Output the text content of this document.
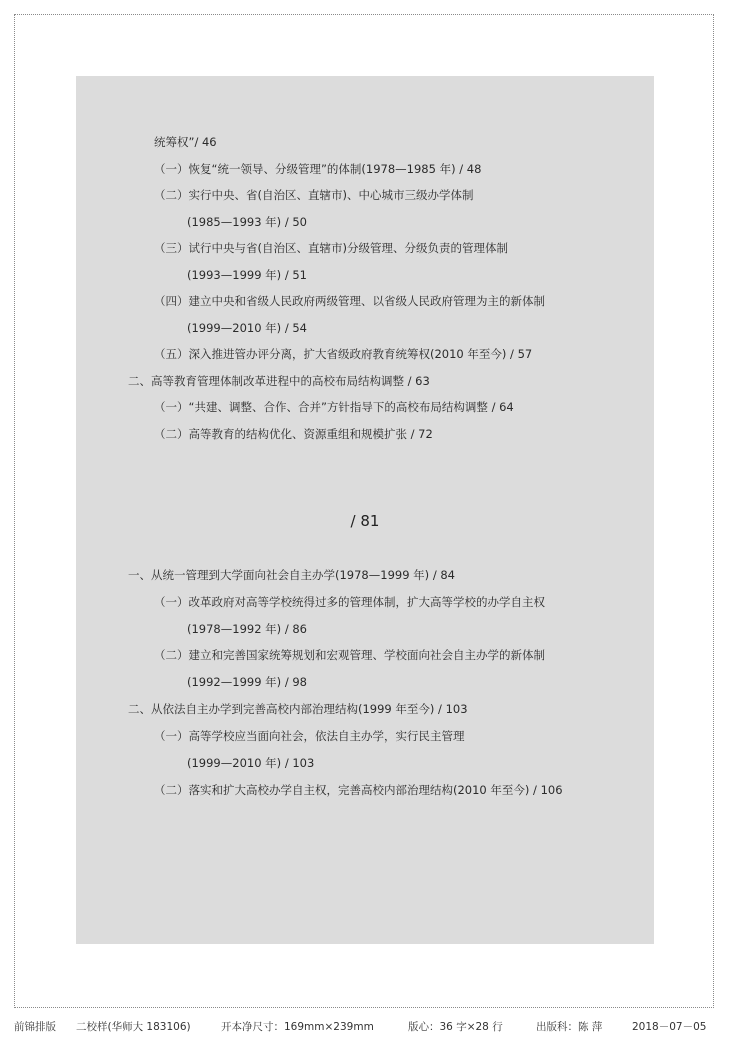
统筹权”/ 46
（一）恢复“统一领导、分级管理”的体制(1978—1985 年) / 48
（二）实行中央、省(自治区、直辖市)、中心城市三级办学体制
(1985—1993 年) / 50
（三）试行中央与省(自治区、直辖市)分级管理、分级负责的管理体制
(1993—1999 年) / 51
（四）建立中央和省级人民政府两级管理、以省级人民政府管理为主的新体制
(1999—2010 年) / 54
（五）深入推进管办评分离，扩大省级政府教育统筹权(2010 年至今) / 57
二、高等教育管理体制改革进程中的高校布局结构调整 / 63
（一）“共建、调整、合作、合并”方针指导下的高校布局结构调整 / 64
（二）高等教育的结构优化、资源重组和规模扩张 / 72
/ 81
一、从统一管理到大学面向社会自主办学(1978—1999 年) / 84
（一）改革政府对高等学校统得过多的管理体制，扩大高等学校的办学自主权
(1978—1992 年) / 86
（二）建立和完善国家统筹规划和宏观管理、学校面向社会自主办学的新体制
(1992—1999 年) / 98
二、从依法自主办学到完善高校内部治理结构(1999 年至今) / 103
（一）高等学校应当面向社会，依法自主办学，实行民主管理
(1999—2010 年) / 103
（二）落实和扩大高校办学自主权，完善高校内部治理结构(2010 年至今) / 106
前锦排版 二校样(华师大 183106)	开本净尺寸：169mm×239mm	版心：36 字×28 行	出版科：陈 萍	2018－07－05
